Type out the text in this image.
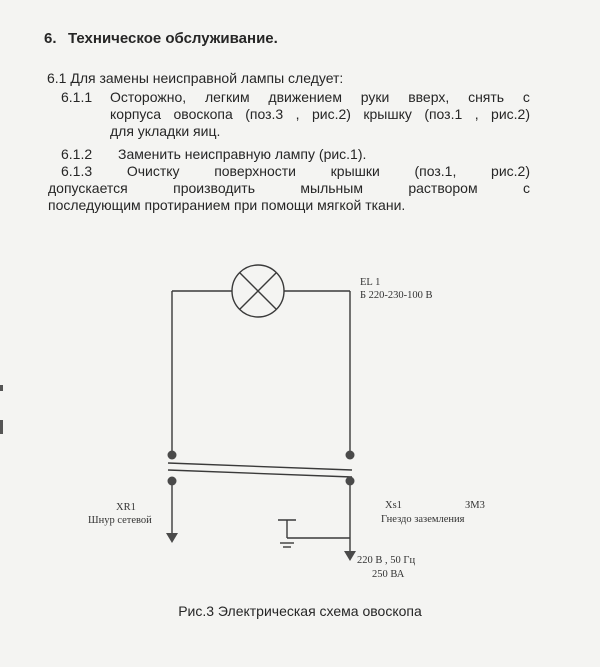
6. Техническое обслуживание.
6.1 Для замены неисправной лампы следует:
6.1.1 Осторожно, легким движением руки вверх, снять с
корпуса овоскопа (поз.3 , рис.2) крышку (поз.1 , рис.2)
для укладки яиц.
6.1.2 Заменить неисправную лампу (рис.1).
6.1.3 Очистку поверхности крышки (поз.1, рис.2)
допускается	производить	мыльным	раствором	с
последующим протиранием при помощи мягкой ткани.
EL 1
Б 220-230-100 В
XR1
Шнур сетевой
Xs1	ЗМ3
Гнездо заземления
220 В , 50 Гц
250 ВА
Рис.3 Электрическая схема овоскопа
